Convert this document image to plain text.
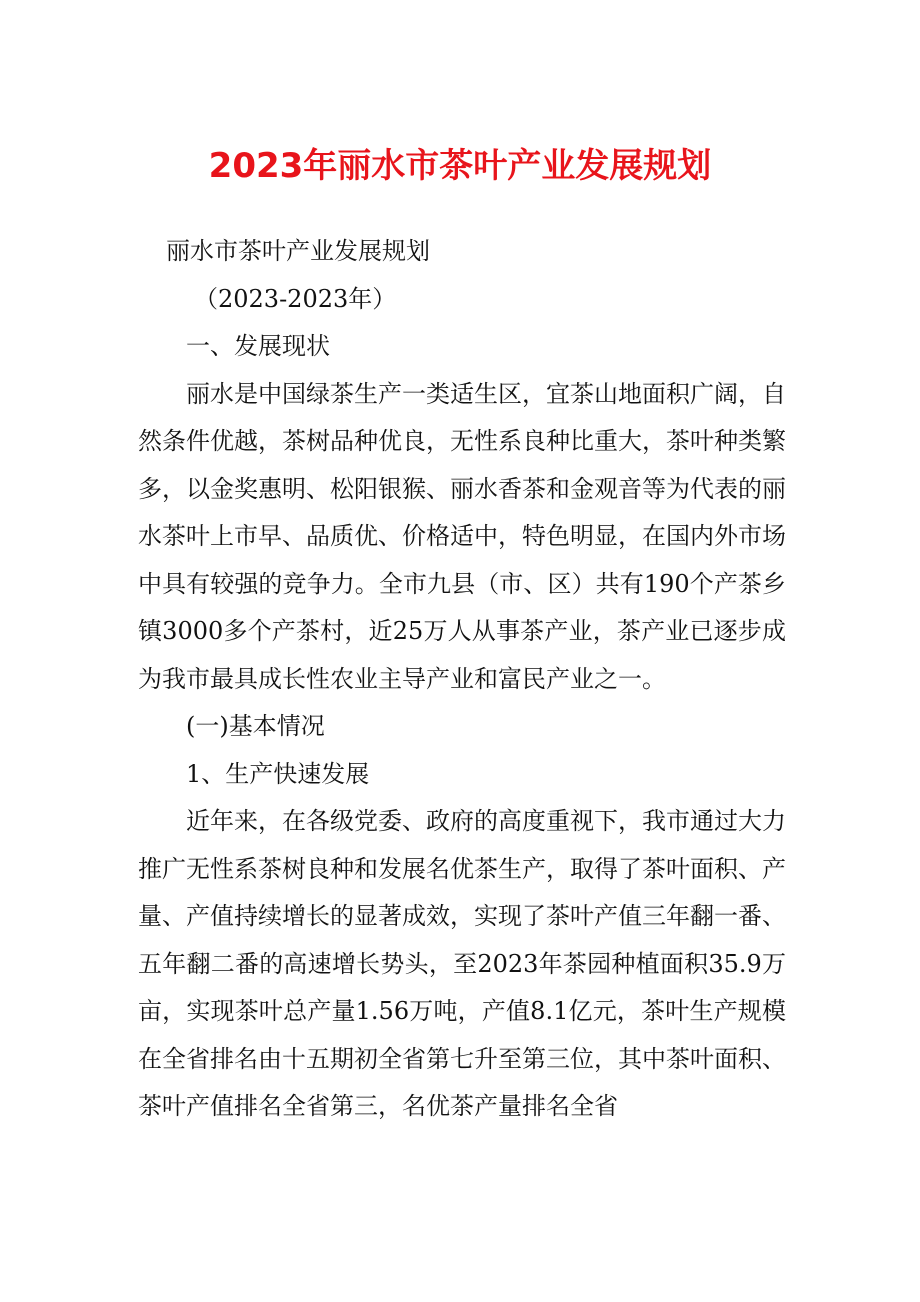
2023年丽水市茶叶产业发展规划

丽水市茶叶产业发展规划

（2023-2023年）

一、发展现状

丽水是中国绿茶生产一类适生区，宜茶山地面积广阔，自然条件优越，茶树品种优良，无性系良种比重大，茶叶种类繁多，以金奖惠明、松阳银猴、丽水香茶和金观音等为代表的丽水茶叶上市早、品质优、价格适中，特色明显，在国内外市场中具有较强的竞争力。全市九县（市、区）共有190个产茶乡镇3000多个产茶村，近25万人从事茶产业，茶产业已逐步成为我市最具成长性农业主导产业和富民产业之一。

(一)基本情况

1、生产快速发展

近年来，在各级党委、政府的高度重视下，我市通过大力推广无性系茶树良种和发展名优茶生产，取得了茶叶面积、产量、产值持续增长的显著成效，实现了茶叶产值三年翻一番、五年翻二番的高速增长势头，至2023年茶园种植面积35.9万亩，实现茶叶总产量1.56万吨，产值8.1亿元，茶叶生产规模在全省排名由十五期初全省第七升至第三位，其中茶叶面积、茶叶产值排名全省第三，名优茶产量排名全省
